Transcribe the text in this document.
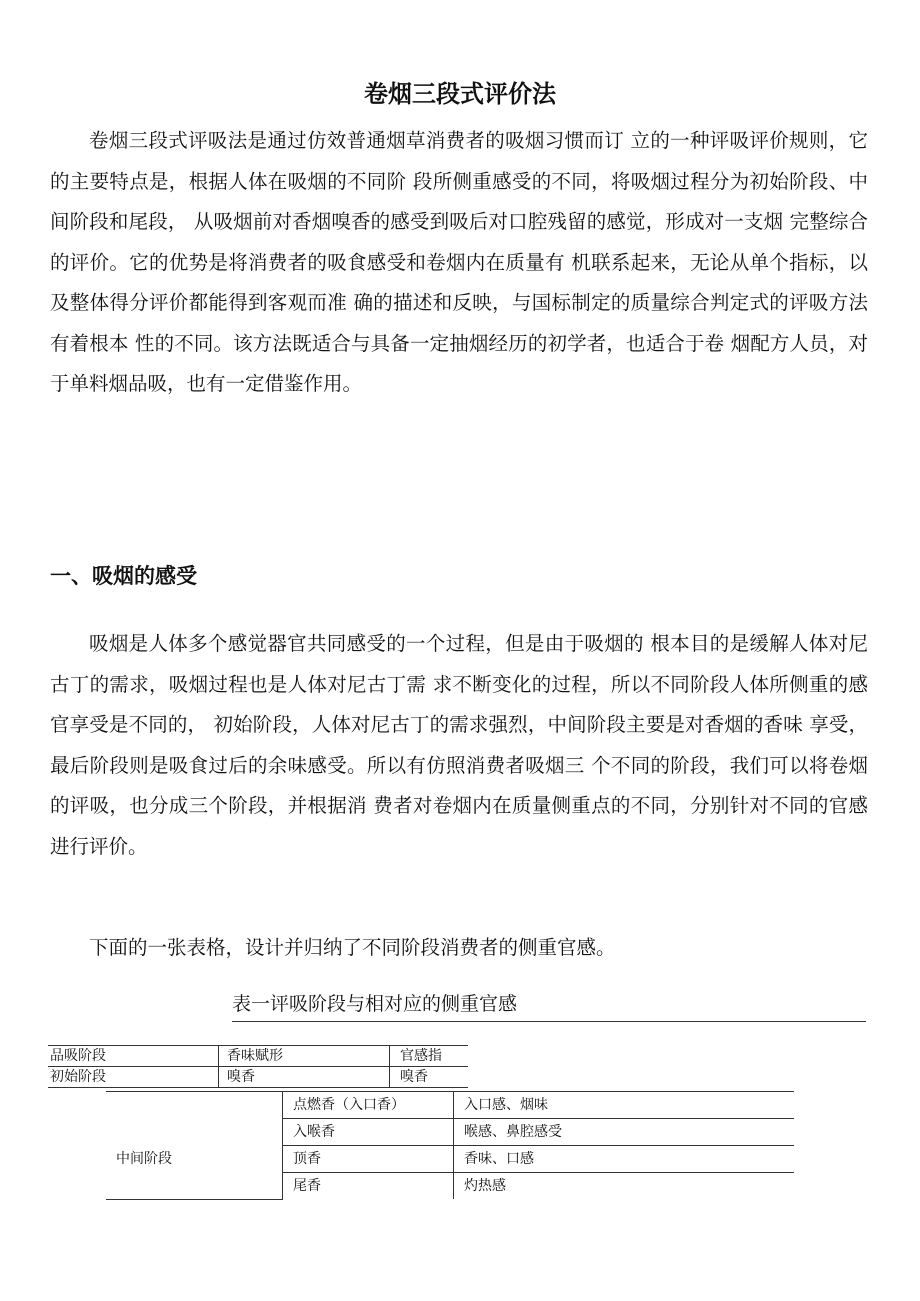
卷烟三段式评价法

卷烟三段式评吸法是通过仿效普通烟草消费者的吸烟习惯而订 立的一种评吸评价规则，它的主要特点是，根据人体在吸烟的不同阶 段所侧重感受的不同，将吸烟过程分为初始阶段、中间阶段和尾段， 从吸烟前对香烟嗅香的感受到吸后对口腔残留的感觉，形成对一支烟 完整综合的评价。它的优势是将消费者的吸食感受和卷烟内在质量有 机联系起来，无论从单个指标，以及整体得分评价都能得到客观而准 确的描述和反映，与国标制定的质量综合判定式的评吸方法有着根本 性的不同。该方法既适合与具备一定抽烟经历的初学者，也适合于卷 烟配方人员，对于单料烟品吸，也有一定借鉴作用。

一、吸烟的感受

吸烟是人体多个感觉器官共同感受的一个过程，但是由于吸烟的 根本目的是缓解人体对尼古丁的需求，吸烟过程也是人体对尼古丁需 求不断变化的过程，所以不同阶段人体所侧重的感官享受是不同的， 初始阶段，人体对尼古丁的需求强烈，中间阶段主要是对香烟的香味 享受，最后阶段则是吸食过后的余味感受。所以有仿照消费者吸烟三 个不同的阶段，我们可以将卷烟的评吸，也分成三个阶段，并根据消 费者对卷烟内在质量侧重点的不同，分别针对不同的官感进行评价。

下面的一张表格，设计并归纳了不同阶段消费者的侧重官感。

表一评吸阶段与相对应的侧重官感
品吸阶段	香味赋形	官感指
初始阶段	嗅香	嗅香
	点燃香（入口香）	入口感、烟味
	入喉香	喉感、鼻腔感受
中间阶段	顶香	香味、口感
	尾香	灼热感
